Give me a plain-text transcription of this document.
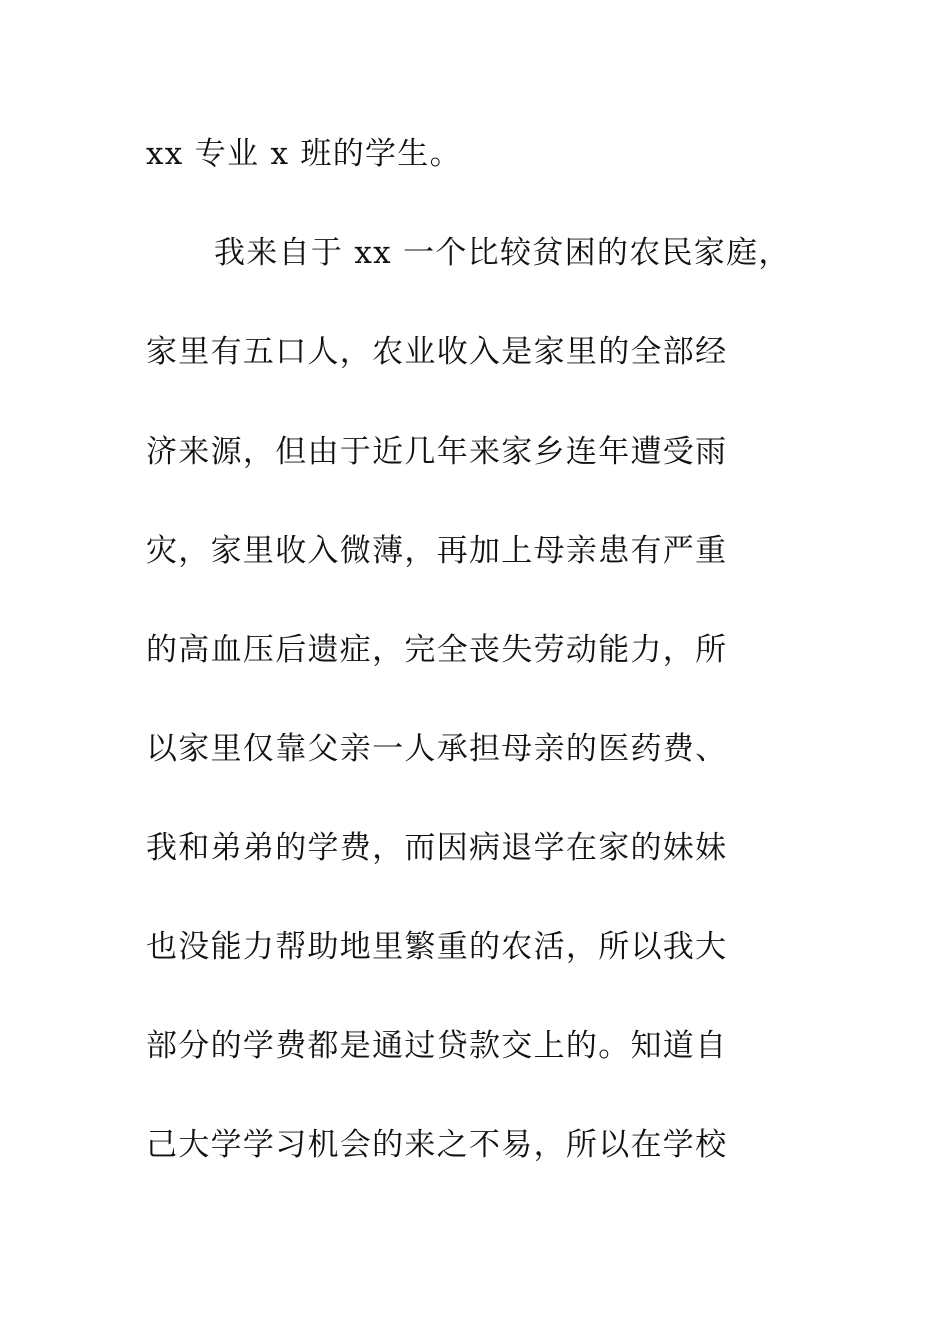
xx 专业 x 班的学生。
我来自于 xx 一个比较贫困的农民家庭，
家里有五口人，农业收入是家里的全部经
济来源，但由于近几年来家乡连年遭受雨
灾，家里收入微薄，再加上母亲患有严重
的高血压后遗症，完全丧失劳动能力，所
以家里仅靠父亲一人承担母亲的医药费、
我和弟弟的学费，而因病退学在家的妹妹
也没能力帮助地里繁重的农活，所以我大
部分的学费都是通过贷款交上的。知道自
己大学学习机会的来之不易，所以在学校
